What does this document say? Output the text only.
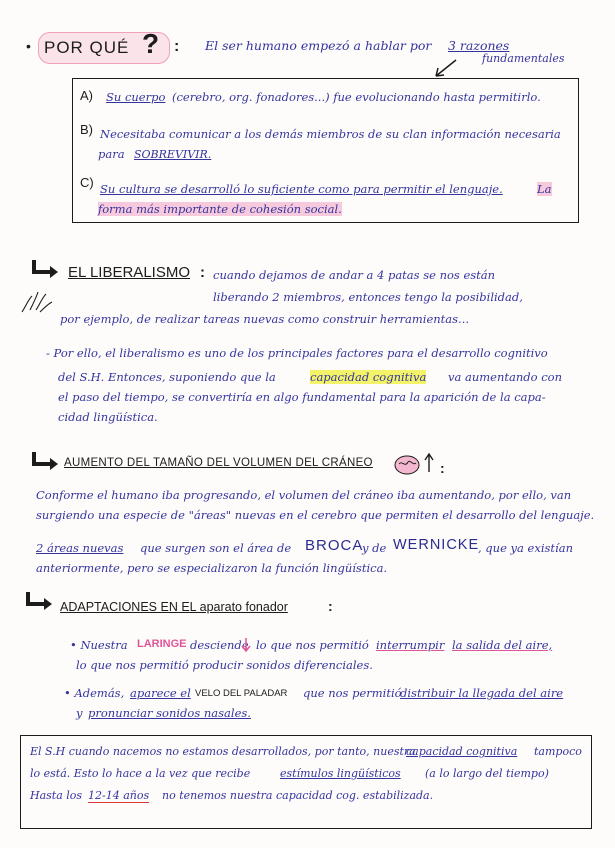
• POR QUÉ ? : El ser humano empezó a hablar por 3 razones
fundamentales
A) Su cuerpo (cerebro, org. fonadores...) fue evolucionando hasta permitirlo.
B) Necesitaba comunicar a los demás miembros de su clan información necesaria
para SOBREVIVIR.
C) Su cultura se desarrolló lo suficiente como para permitir el lenguaje.	La
forma más importante de cohesión social.
EL LIBERALISMO : cuando dejamos de andar a 4 patas se nos están
liberando 2 miembros, entonces tengo la posibilidad,
por ejemplo, de realizar tareas nuevas como construir herramientas...
- Por ello, el liberalismo es uno de los principales factores para el desarrollo cognitivo
del S.H. Entonces, suponiendo que la	capacidad cognitiva va aumentando con
el paso del tiempo, se convertiría en algo fundamental para la aparición de la capa-
cidad lingüística.
AUMENTO DEL TAMAÑO DEL VOLUMEN DEL CRÁNEO	:
Conforme el humano iba progresando, el volumen del cráneo iba aumentando, por ello, van
surgiendo una especie de "áreas" nuevas en el cerebro que permiten el desarrollo del lenguaje.
2 áreas nuevas que surgen son el área de BROCA
y de WERNICKE
, que ya existían
anteriormente, pero se especializaron la función lingüística.
ADAPTACIONES EN EL aparato fonador	:
• Nuestra LARINGE desciende lo que nos permitió interrumpir la salida del aire,
lo que nos permitió producir sonidos diferenciales.
• Además, aparece el VELO DEL PALADAR que nos permitió
distribuir la llegada del aire
y pronunciar sonidos nasales.
El S.H cuando nacemos no estamos desarrollados, por tanto, nuestra
capacidad cognitiva tampoco
lo está. Esto lo hace a la vez que recibe	estímulos lingüísticos (a lo largo del tiempo)
Hasta los 12-14 años no tenemos nuestra capacidad cog. estabilizada.
